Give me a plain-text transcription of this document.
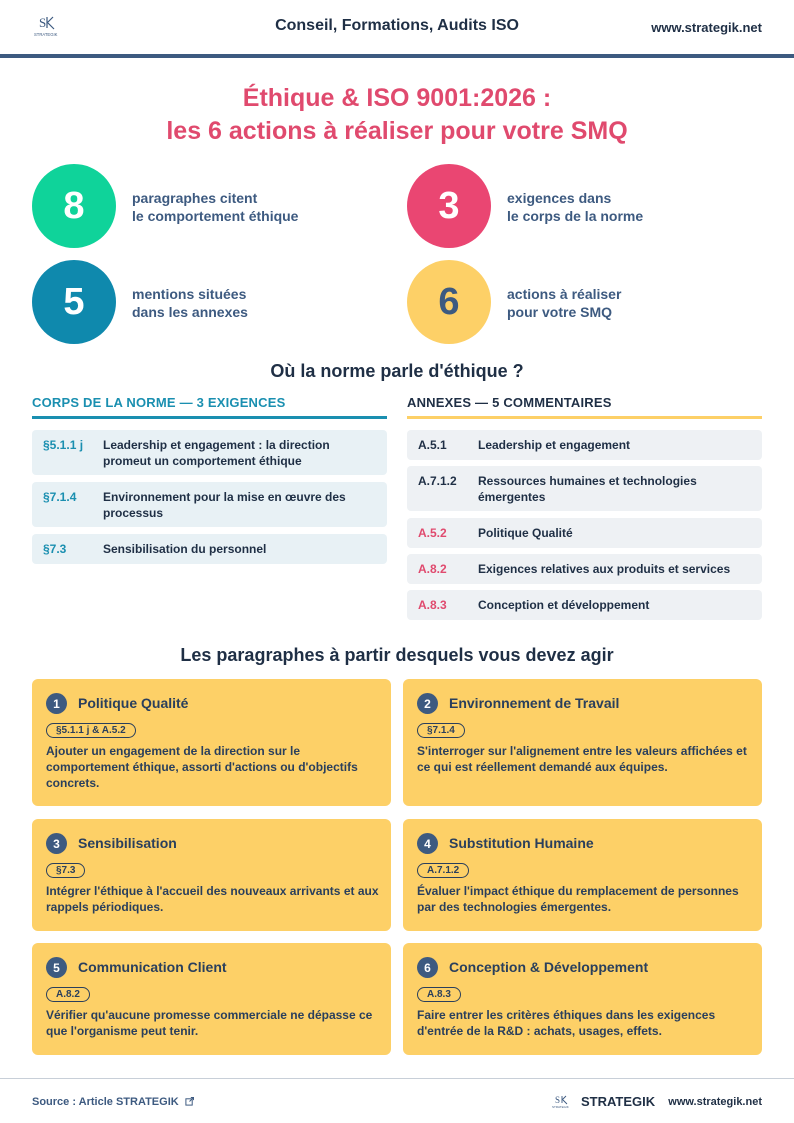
S
STRATEGIK
Conseil, Formations, Audits ISO	www.strategik.net
Éthique & ISO 9001:2026 :
les 6 actions à réaliser pour votre SMQ
8	paragraphes citent
le comportement éthique	3	exigences dans
le corps de la norme
5	mentions situées
dans les annexes	6	actions à réaliser
pour votre SMQ
Où la norme parle d'éthique ?
CORPS DE LA NORME — 3 EXIGENCES
§5.1.1 j Leadership et engagement : la direction promeut un comportement éthique
§7.1.4 Environnement pour la mise en œuvre des processus
§7.3	Sensibilisation du personnel
ANNEXES — 5 COMMENTAIRES
A.5.1	Leadership et engagement
A.7.1.2 Ressources humaines et technologies émergentes
A.5.2	Politique Qualité
A.8.2	Exigences relatives aux produits et services
A.8.3	Conception et développement
Les paragraphes à partir desquels vous devez agir
1	Politique Qualité
§5.1.1 j & A.5.2
Ajouter un engagement de la direction sur le comportement éthique, assorti d'actions ou d'objectifs concrets.
2	Environnement de Travail
§7.1.4
S'interroger sur l'alignement entre les valeurs affichées et ce qui est réellement demandé aux équipes.
3	Sensibilisation
§7.3
Intégrer l'éthique à l'accueil des nouveaux arrivants et aux rappels périodiques.
4	Substitution Humaine
A.7.1.2
Évaluer l'impact éthique du remplacement de personnes par des technologies émergentes.
5	Communication Client
A.8.2
Vérifier qu'aucune promesse commerciale ne dépasse ce que l'organisme peut tenir.
6	Conception & Développement
A.8.3
Faire entrer les critères éthiques dans les exigences d'entrée de la R&D : achats, usages, effets.
Source : Article STRATEGIK	S
STRATEGIK STRATEGIK www.strategik.net
